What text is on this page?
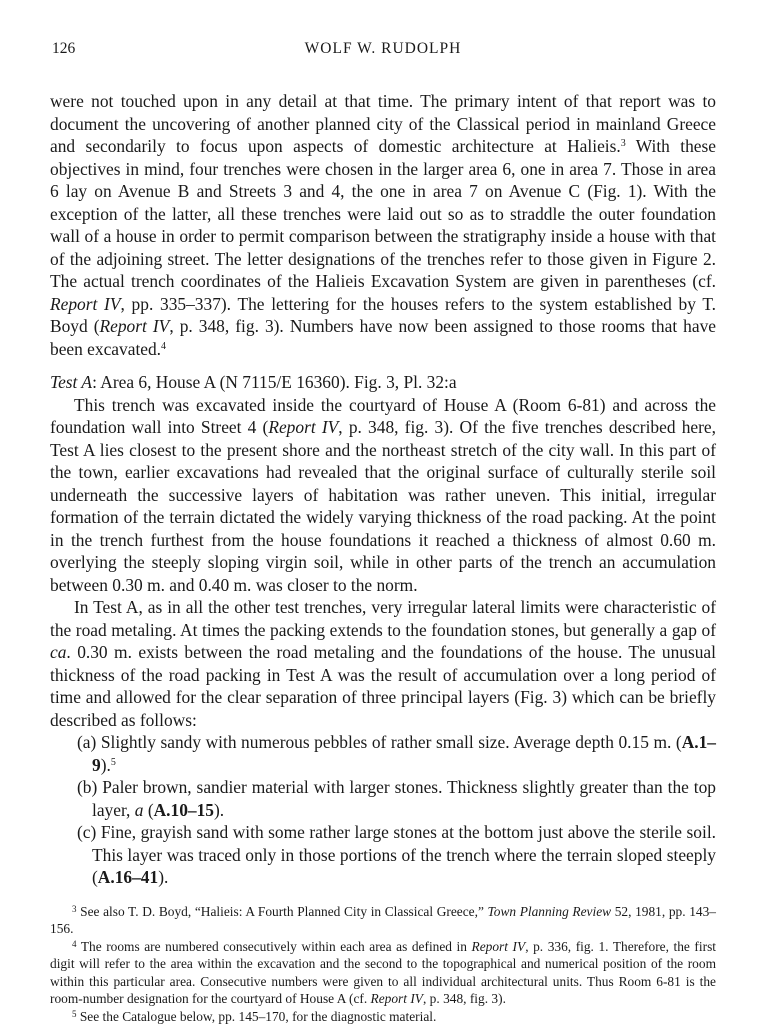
126	WOLF W. RUDOLPH

were not touched upon in any detail at that time. The primary intent of that report was to document the uncovering of another planned city of the Classical period in mainland Greece and secondarily to focus upon aspects of domestic architecture at Halieis.$^3$ With these objectives in mind, four trenches were chosen in the larger area 6, one in area 7. Those in area 6 lay on Avenue B and Streets 3 and 4, the one in area 7 on Avenue C (Fig. 1). With the exception of the latter, all these trenches were laid out so as to straddle the outer foundation wall of a house in order to permit comparison between the stratigraphy inside a house with that of the adjoining street. The letter designations of the trenches refer to those given in Figure 2. The actual trench coordinates of the Halieis Excavation System are given in parentheses (cf. Report IV, pp. 335–337). The lettering for the houses refers to the system established by T. Boyd (Report IV, p. 348, fig. 3). Numbers have now been assigned to those rooms that have been excavated.$^4$

Test A: Area 6, House A (N 7115/E 16360). Fig. 3, Pl. 32:a

This trench was excavated inside the courtyard of House A (Room 6-81) and across the foundation wall into Street 4 (Report IV, p. 348, fig. 3). Of the five trenches described here, Test A lies closest to the present shore and the northeast stretch of the city wall. In this part of the town, earlier excavations had revealed that the original surface of culturally sterile soil underneath the successive layers of habitation was rather uneven. This initial, irregular formation of the terrain dictated the widely varying thickness of the road packing. At the point in the trench furthest from the house foundations it reached a thickness of almost 0.60 m. overlying the steeply sloping virgin soil, while in other parts of the trench an accumulation between 0.30 m. and 0.40 m. was closer to the norm.

In Test A, as in all the other test trenches, very irregular lateral limits were characteristic of the road metaling. At times the packing extends to the foundation stones, but generally a gap of ca. 0.30 m. exists between the road metaling and the foundations of the house. The unusual thickness of the road packing in Test A was the result of accumulation over a long period of time and allowed for the clear separation of three principal layers (Fig. 3) which can be briefly described as follows:

(a) Slightly sandy with numerous pebbles of rather small size. Average depth 0.15 m. (A.1–9).$^5$

(b) Paler brown, sandier material with larger stones. Thickness slightly greater than the top layer, a (A.10–15).

(c) Fine, grayish sand with some rather large stones at the bottom just above the sterile soil. This layer was traced only in those portions of the trench where the terrain sloped steeply (A.16–41).

$^3$ See also T. D. Boyd, “Halieis: A Fourth Planned City in Classical Greece,” Town Planning Review 52, 1981, pp. 143–156.

$^4$ The rooms are numbered consecutively within each area as defined in Report IV, p. 336, fig. 1. Therefore, the first digit will refer to the area within the excavation and the second to the topographical and numerical position of the room within this particular area. Consecutive numbers were given to all individual architectural units. Thus Room 6-81 is the room-number designation for the courtyard of House A (cf. Report IV, p. 348, fig. 3).

$^5$ See the Catalogue below, pp. 145–170, for the diagnostic material.
